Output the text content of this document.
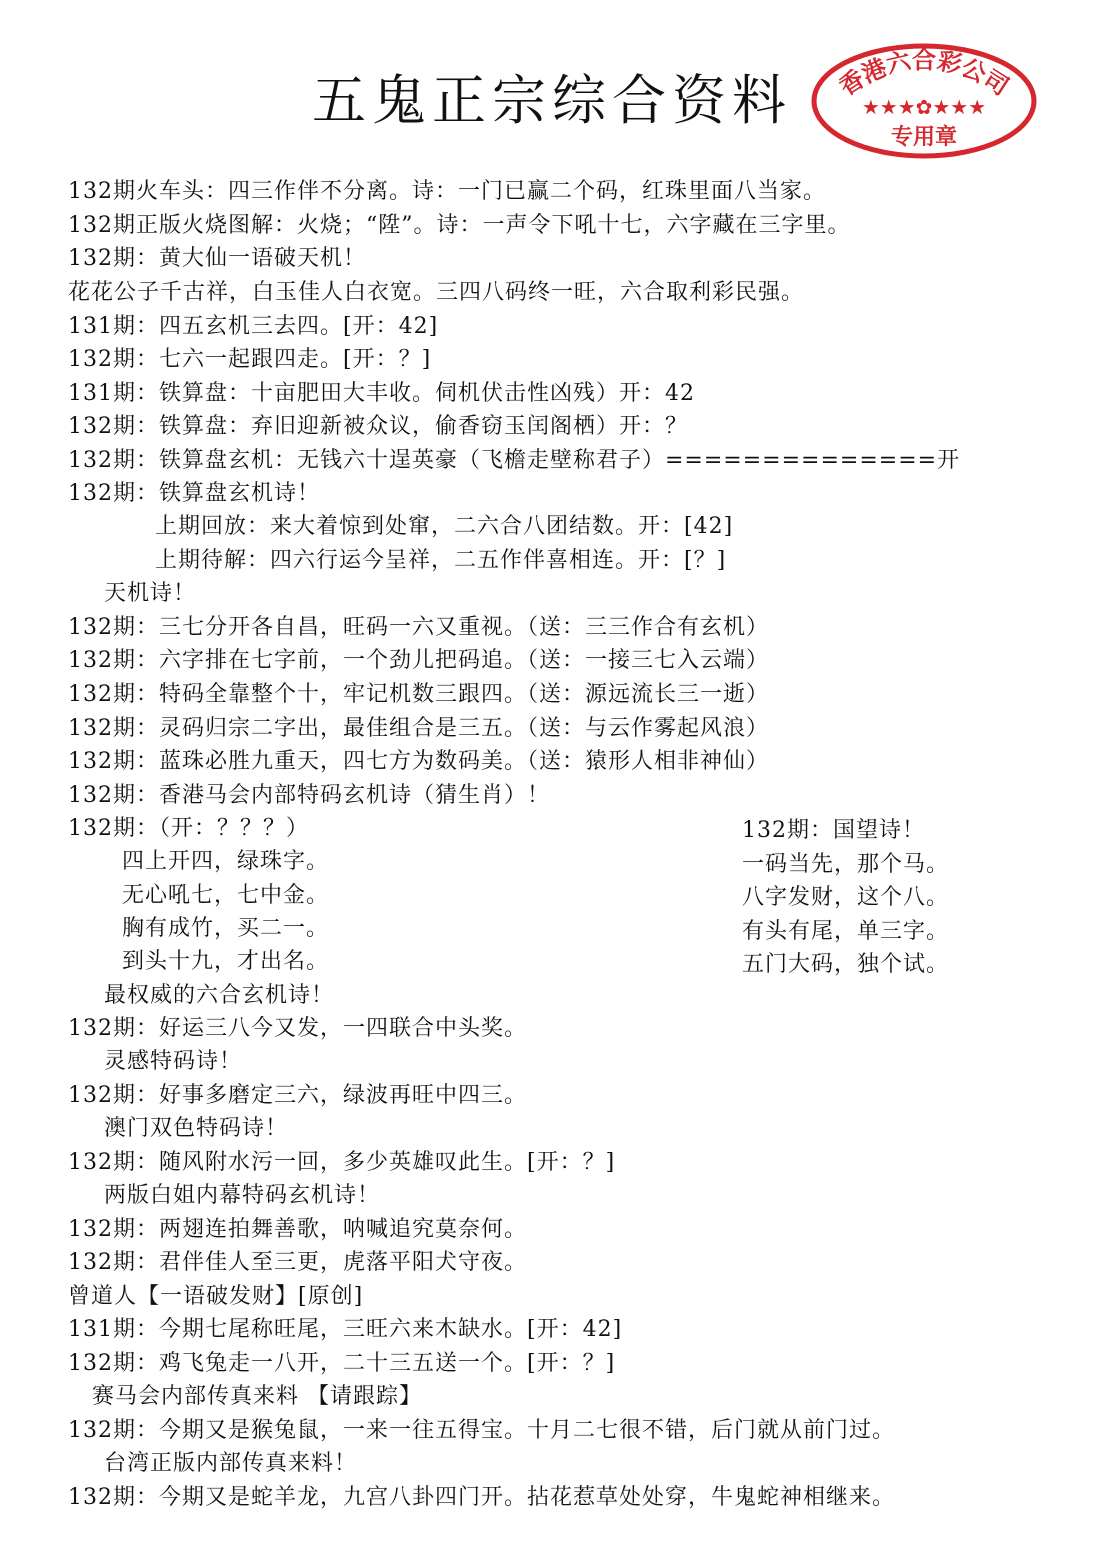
五鬼正宗综合资料 香港六合彩公司
★★★✿★★★
专用章
132期火车头：四三作伴不分离。诗：一门已赢二个码，红珠里面八当家。
132期正版火烧图解：火烧；“陞”。诗：一声令下吼十七，六字藏在三字里。
132期：黄大仙一语破天机！
花花公子千古祥，白玉佳人白衣宽。三四八码终一旺，六合取利彩民强。
131期：四五玄机三去四。[开：42]
132期：七六一起跟四走。[开：？]
131期：铁算盘：十亩肥田大丰收。伺机伏击性凶残）开：42
132期：铁算盘：弃旧迎新被众议，偷香窃玉闰阁栖）开：？
132期：铁算盘玄机：无钱六十逞英豪（飞檐走壁称君子）==============开
132期：铁算盘玄机诗！
上期回放：来大着惊到处窜，二六合八团结数。开：[42]
上期待解：四六行运今呈祥，二五作伴喜相连。开：[？]
天机诗！
132期：三七分开各自昌，旺码一六又重视。（送：三三作合有玄机）
132期：六字排在七字前，一个劲儿把码追。（送：一接三七入云端）
132期：特码全靠整个十，牢记机数三跟四。（送：源远流长三一逝）
132期：灵码归宗二字出，最佳组合是三五。（送：与云作雾起风浪）
132期：蓝珠必胜九重天，四七方为数码美。（送：猿形人相非神仙）
132期：香港马会内部特码玄机诗（猜生肖）！
132期：（开：？？？）
四上开四，绿珠字。
无心吼七，七中金。
胸有成竹，买二一。
到头十九，才出名。
最权威的六合玄机诗！
132期：好运三八今又发，一四联合中头奖。
灵感特码诗！
132期：好事多磨定三六，绿波再旺中四三。
澳门双色特码诗！
132期：随风附水污一回，多少英雄叹此生。[开：？]
两版白姐内幕特码玄机诗！
132期：两翅连拍舞善歌，呐喊追究莫奈何。
132期：君伴佳人至三更，虎落平阳犬守夜。
曾道人【一语破发财】[原创]
131期：今期七尾称旺尾，三旺六来木缺水。[开：42]
132期：鸡飞兔走一八开，二十三五送一个。[开：？]
赛马会内部传真来料 【请跟踪】
132期：今期又是猴兔鼠，一来一往五得宝。十月二七很不错，后门就从前门过。
台湾正版内部传真来料！
132期：今期又是蛇羊龙，九宫八卦四门开。拈花惹草处处穿，牛鬼蛇神相继来。
132期：国望诗！
一码当先，那个马。
八字发财，这个八。
有头有尾，单三字。
五门大码，独个试。
